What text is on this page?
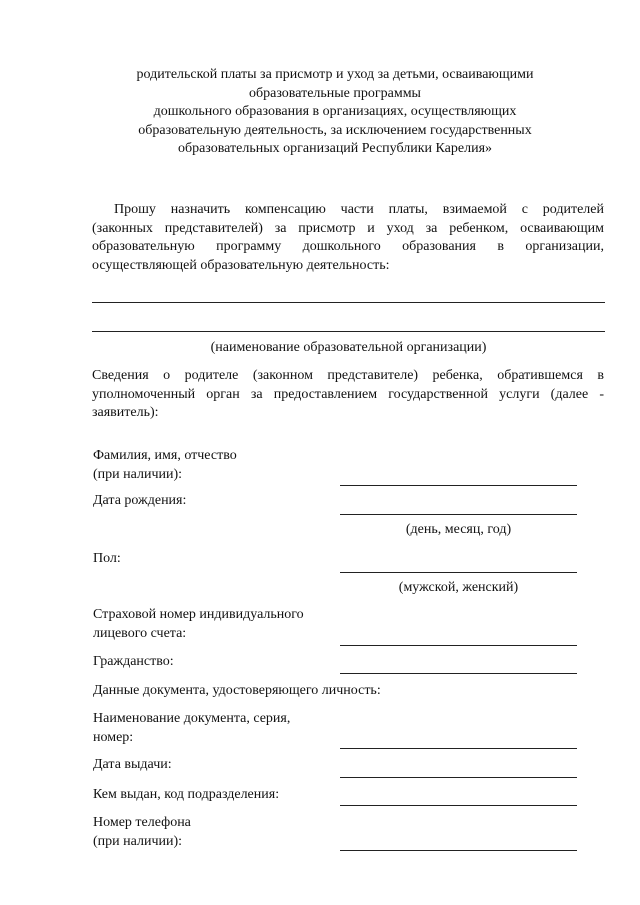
родительской платы за присмотр и уход за детьми, осваивающими
образовательные программы
дошкольного образования в организациях, осуществляющих
образовательную деятельность, за исключением государственных
образовательных организаций Республики Карелия»
Прошу назначить компенсацию части платы, взимаемой с родителей
(законных представителей) за присмотр и уход за ребенком, осваивающим
образовательную программу дошкольного образования в организации,
осуществляющей образовательную деятельность:
(наименование образовательной организации)
Сведения о родителе (законном представителе) ребенка, обратившемся в
уполномоченный орган за предоставлением государственной услуги (далее -
заявитель):
Фамилия, имя, отчество
(при наличии):
Дата рождения:
(день, месяц, год)
Пол:
(мужской, женский)
Страховой номер индивидуального
лицевого счета:
Гражданство:
Данные документа, удостоверяющего личность:
Наименование документа, серия,
номер:
Дата выдачи:
Кем выдан, код подразделения:
Номер телефона
(при наличии):
